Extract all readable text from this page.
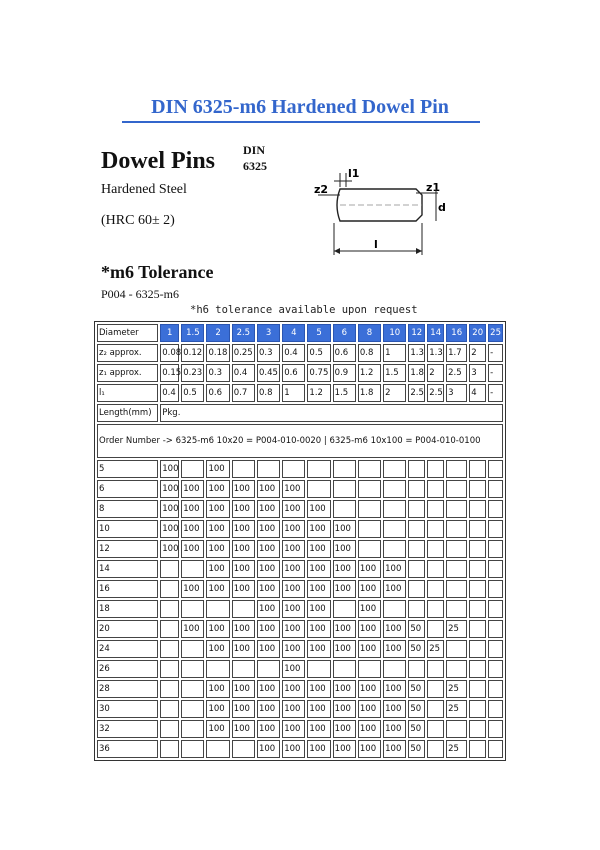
DIN 6325-m6 Hardened Dowel Pin
Dowel Pins DIN
6325
Hardened Steel
(HRC 60± 2)
l1
z2	z1
d
l
*m6 Tolerance
P004 - 6325-m6
*h6 tolerance available upon request
Diameter	1	1.5	2	2.5	3	4	5	6	8	10	12	14	16	20	25
z₂ approx.	0.08	0.12	0.18	0.25	0.3	0.4	0.5	0.6	0.8	1	1.3	1.3	1.7	2	-
z₁ approx.	0.15	0.23	0.3	0.4	0.45	0.6	0.75	0.9	1.2	1.5	1.8	2	2.5	3	-
l₁	0.4	0.5	0.6	0.7	0.8	1	1.2	1.5	1.8	2	2.5	2.5	3	4	-
Length(mm)	Pkg.														
Order Number -> 6325-m6 10x20 = P004-010-0020 | 6325-m6 10x100 = P004-010-0100															
5	100		100												
6	100	100	100	100	100	100									
8	100	100	100	100	100	100	100								
10	100	100	100	100	100	100	100	100							
12	100	100	100	100	100	100	100	100							
14			100	100	100	100	100	100	100	100					
16		100	100	100	100	100	100	100	100	100					
18					100	100	100		100						
20		100	100	100	100	100	100	100	100	100	50		25		
24			100	100	100	100	100	100	100	100	50	25			
26						100									
28			100	100	100	100	100	100	100	100	50		25		
30			100	100	100	100	100	100	100	100	50		25		
32			100	100	100	100	100	100	100	100	50				
36					100	100	100	100	100	100	50		25		
